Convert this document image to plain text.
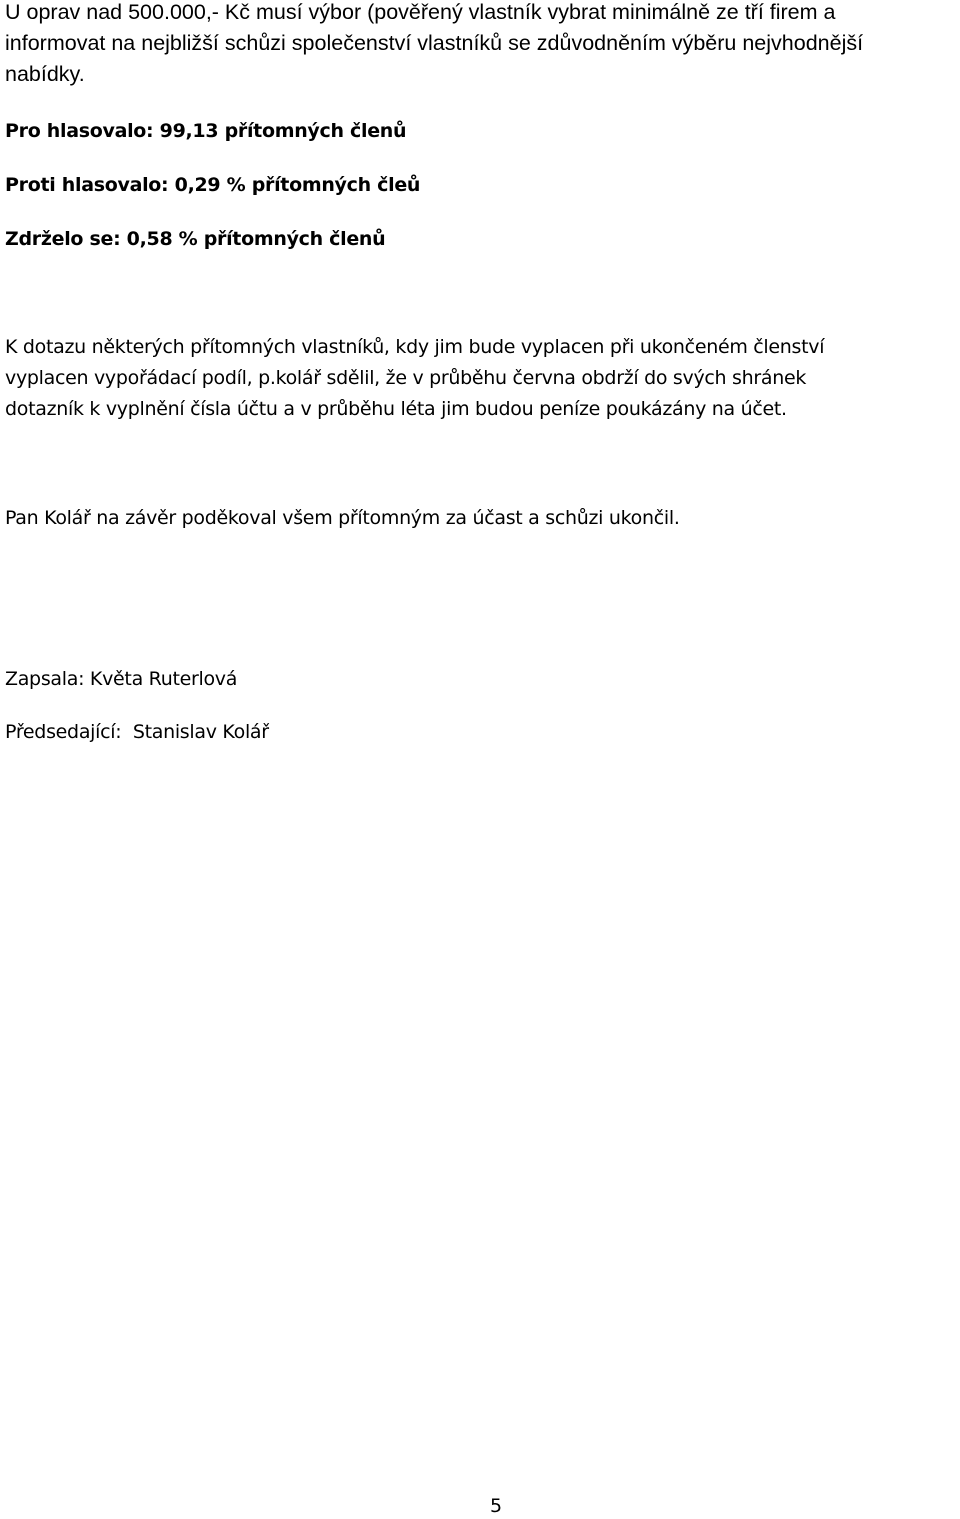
U oprav nad 500.000,- Kč musí výbor (pověřený vlastník vybrat minimálně ze tří firem a
informovat na nejbližší schůzi společenství vlastníků se zdůvodněním výběru nejvhodnější
nabídky.
Pro hlasovalo: 99,13 přítomných členů
Proti hlasovalo: 0,29 % přítomných čleů
Zdrželo se: 0,58 % přítomných členů
K dotazu některých přítomných vlastníků, kdy jim bude vyplacen při ukončeném členství
vyplacen vypořádací podíl, p.kolář sdělil, že v průběhu června obdrží do svých shránek
dotazník k vyplnění čísla účtu a v průběhu léta jim budou peníze poukázány na účet.
Pan Kolář na závěr poděkoval všem přítomným za účast a schůzi ukončil.
Zapsala: Květa Ruterlová
Předsedající:  Stanislav Kolář
5
